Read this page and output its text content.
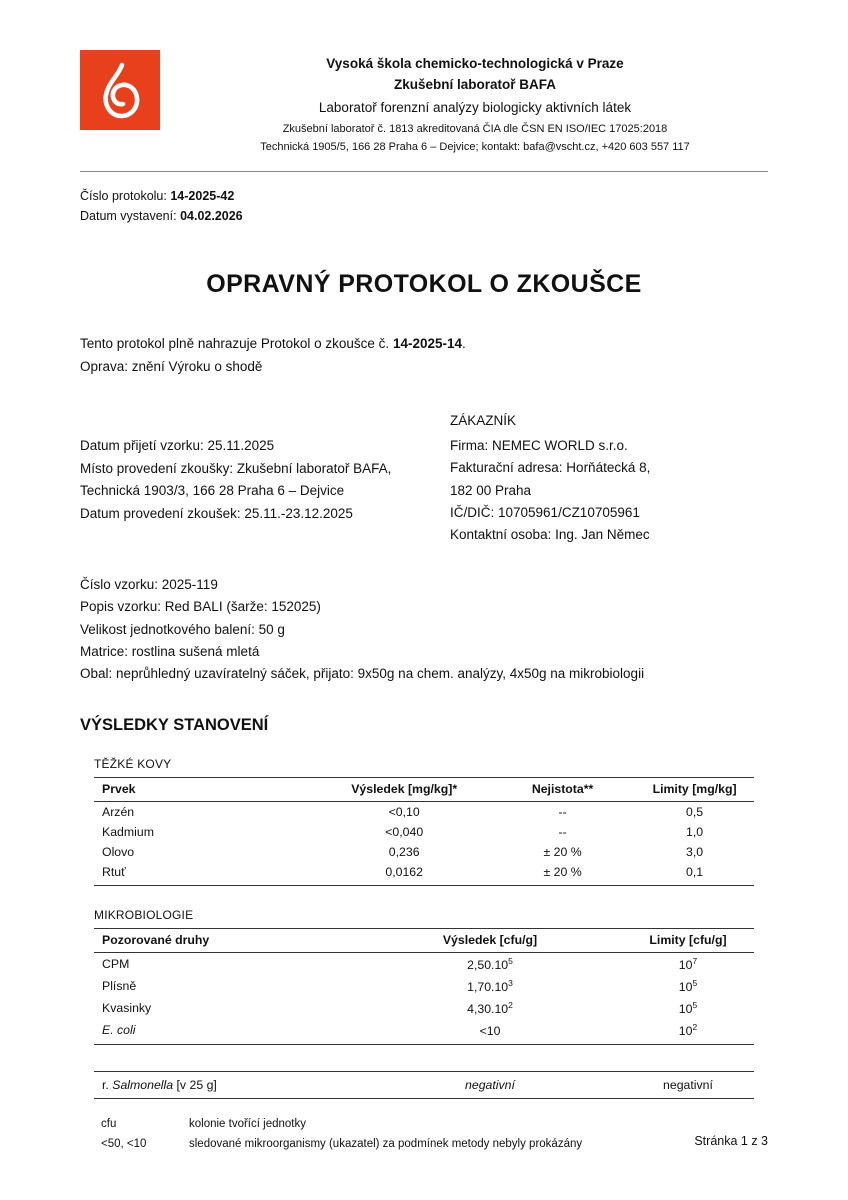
Vysoká škola chemicko-technologická v Praze
Zkušební laboratoř BAFA
Laboratoř forenzní analýzy biologicky aktivních látek
Zkušební laboratoř č. 1813 akreditovaná ČIA dle ČSN EN ISO/IEC 17025:2018
Technická 1905/5, 166 28 Praha 6 – Dejvice; kontakt: bafa@vscht.cz, +420 603 557 117
Číslo protokolu: 14-2025-42
Datum vystavení: 04.02.2026
OPRAVNÝ PROTOKOL O ZKOUŠCE
Tento protokol plně nahrazuje Protokol o zkoušce č. 14-2025-14.
Oprava: znění Výroku o shodě
Datum přijetí vzorku: 25.11.2025
Místo provedení zkoušky: Zkušební laboratoř BAFA,
Technická 1903/3, 166 28 Praha 6 – Dejvice
Datum provedení zkoušek: 25.11.-23.12.2025
ZÁKAZNÍK
Firma: NEMEC WORLD s.r.o.
Fakturační adresa: Horňátecká 8,
182 00 Praha
IČ/DIČ: 10705961/CZ10705961
Kontaktní osoba: Ing. Jan Němec
Číslo vzorku: 2025-119
Popis vzorku: Red BALI (šarže: 152025)
Velikost jednotkového balení: 50 g
Matrice: rostlina sušená mletá
Obal: neprůhledný uzavíratelný sáček, přijato: 9x50g na chem. analýzy, 4x50g na mikrobiologii
VÝSLEDKY STANOVENÍ
TĚŽKÉ KOVY
Prvek	Výsledek [mg/kg]*	Nejistota**	Limity [mg/kg]
Arzén	<0,10	--	0,5
Kadmium	<0,040	--	1,0
Olovo	0,236	± 20 %	3,0
Rtuť	0,0162	± 20 %	0,1
MIKROBIOLOGIE
Pozorované druhy	Výsledek [cfu/g]	Limity [cfu/g]
CPM	2,50.10$^5$	$10^7$
Plísně	1,70.10$^3$	$10^5$
Kvasinky	4,30.10$^2$	$10^5$
E. coli	<10	$10^2$
r. Salmonella [v 25 g]	negativní	negativní
cfu	kolonie tvořící jednotky
<50, <10	sledované mikroorganismy (ukazatel) za podmínek metody nebyly prokázány	Stránka 1 z 3
